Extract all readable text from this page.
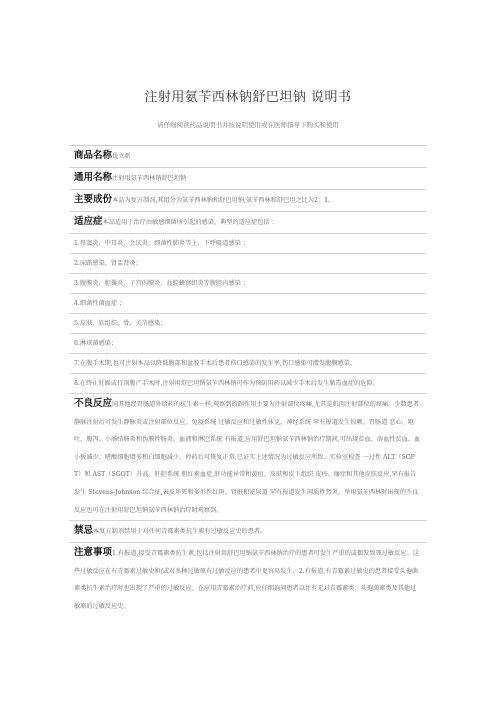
注射用氨苄西林钠舒巴坦钠 说明书
请仔细阅读药品说明书并按说明使用或在医师指导下购买和使用
商品名称优立新
通用名称注射用氨苄西林钠舒巴坦钠
主要成份本品为复方制剂,其组分为氨苄西林钠和舒巴坦钠,氨苄西林和舒巴坦之比为2：1。
适应症本品适用于治疗由敏感细菌所引起的感染，典型的适应症包括 ：
1.鼻窦炎、中耳炎、会厌炎、细菌性肺炎等上、下呼吸道感染 ；
2.尿路感染、肾盂肾炎；
3.腹膜炎、胆囊炎、子宫内膜炎、盆腔蜂窝织炎等腹腔内感染 ；
4.细菌性菌血症 ；
5.皮肤、软组织、骨、关节感染；
6.淋球菌感染；
7.在腹手术期,也可注射本品以降低腹部和盆腔手术后患者伤口感染的发生率,伤口感染可增发腹膜感染。
8.在终止妊娠或行剖腹产手术时,注射用舒巴坦钠氨苄西林钠可作为预防用药以减少手术后发生脓毒血症的危险。
不良反应同其他经胃肠道外给药的抗生素一样,观察到的副作用主要为注射部位疼痛,尤其是肌肉注射部位的疼痛。少数患者静脉注射后可发生静脉炎或注射部位反应。免疫系统 过敏反应和过敏性休克。神经系统 罕有报道发生惊厥。胃肠道 恶心、呕吐、腹泻。小肠结肠炎和伪膜性肠炎。血液和淋巴系统 有报道,应用舒巴坦钠氨苄西林钠治疗期间,可出现贫血、溶血性贫血、血小板减少、嗜酸细胞增多和白细胞减少。停药后可恢复正常,已证实上述情况为过敏反应所致。实验室检查 一过性 ALT（SGPT）和 AST（SGOT）升高。肝胆系统 胆红素血症,肝功能异常和黄疸。皮肤和皮下组织 皮疹、瘙痒和其他皮肤反应,罕有报告发生 Stevens-Johnson 综合征,表皮坏死和多形性红斑。肾脏和泌尿道 罕有报道发生间质性肾炎。单用氨苄西林时出现的不良反应也可在注射用舒巴坦钠氨苄西林钠治疗时观察到。
禁忌本复方制剂禁用于对任何青霉素类抗生素有过敏反应史的患者。
注意事项1.有报道,接受青霉素类抗生素,包括注射用舒巴坦钠氨苄西林钠治疗的患者可发生严重的或偶发致死过敏反应。这些过敏反应在有青霉素过敏史和/或对多种过敏原有过敏反应的患者中更容易发生。2.有报道,有青霉素过敏史的患者接受头孢菌素类抗生素治疗时也出现了严重的过敏反应。在应用青霉素治疗前,应仔细询问患者以往有无对青霉素类、头孢菌素类及其他过敏原的过敏反应史。
